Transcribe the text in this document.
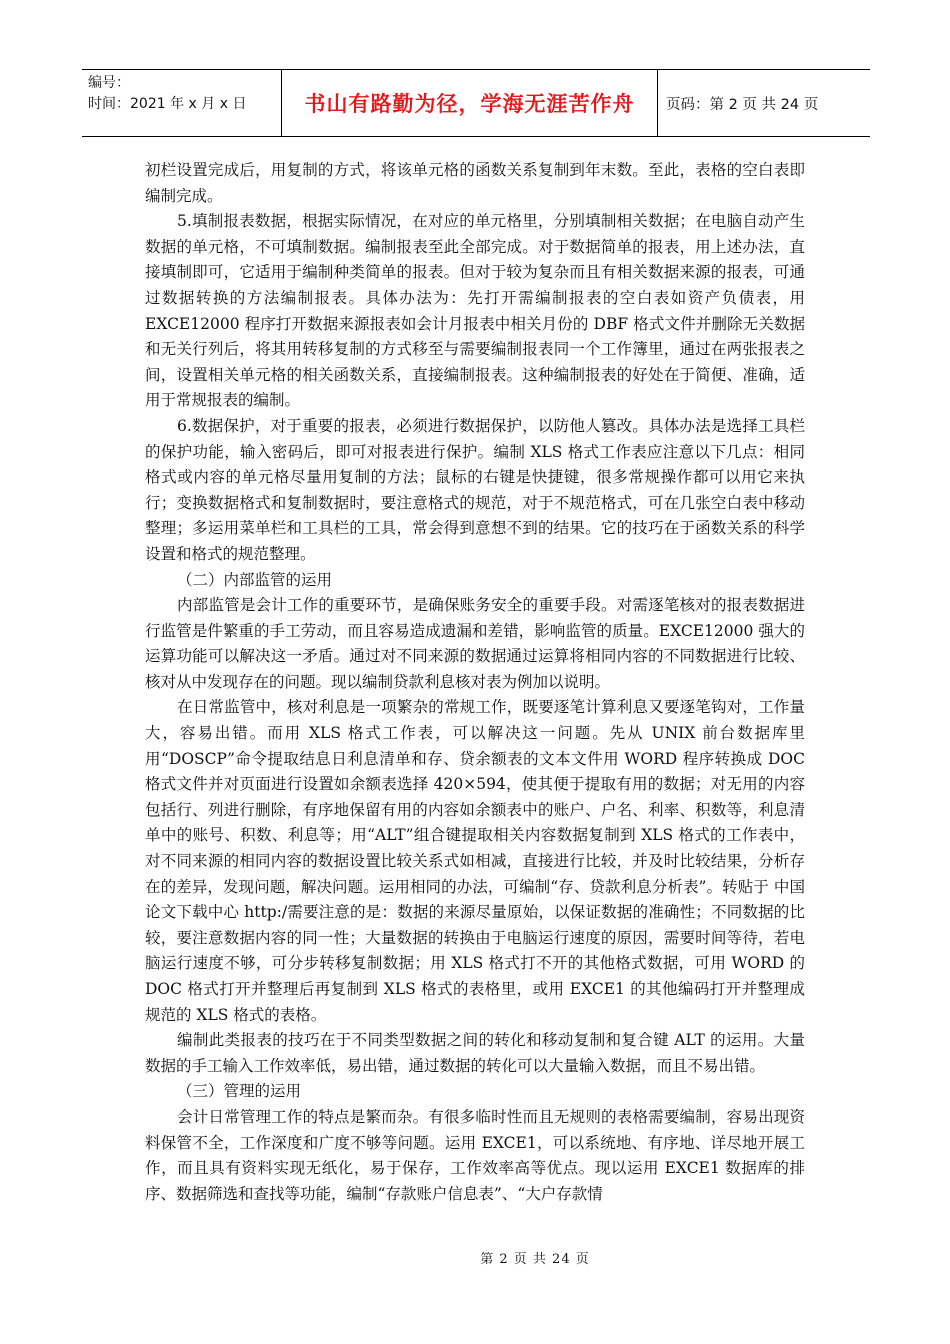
编号：
时间：2021 年 x 月 x 日	书山有路勤为径，学海无涯苦作舟	页码：第 2 页 共 24 页

初栏设置完成后，用复制的方式，将该单元格的函数关系复制到年末数。至此，表格的空白表即编制完成。

5.填制报表数据，根据实际情况，在对应的单元格里，分别填制相关数据；在电脑自动产生数据的单元格，不可填制数据。编制报表至此全部完成。对于数据简单的报表，用上述办法，直接填制即可，它适用于编制种类简单的报表。但对于较为复杂而且有相关数据来源的报表，可通过数据转换的方法编制报表。具体办法为：先打开需编制报表的空白表如资产负债表，用 EXCE12000 程序打开数据来源报表如会计月报表中相关月份的 DBF 格式文件并删除无关数据和无关行列后，将其用转移复制的方式移至与需要编制报表同一个工作簿里，通过在两张报表之间，设置相关单元格的相关函数关系，直接编制报表。这种编制报表的好处在于简便、准确，适用于常规报表的编制。

6.数据保护，对于重要的报表，必须进行数据保护，以防他人篡改。具体办法是选择工具栏的保护功能，输入密码后，即可对报表进行保护。编制 XLS 格式工作表应注意以下几点：相同格式或内容的单元格尽量用复制的方法；鼠标的右键是快捷键，很多常规操作都可以用它来执行；变换数据格式和复制数据时，要注意格式的规范，对于不规范格式，可在几张空白表中移动整理；多运用菜单栏和工具栏的工具，常会得到意想不到的结果。它的技巧在于函数关系的科学设置和格式的规范整理。

（二）内部监管的运用

内部监管是会计工作的重要环节，是确保账务安全的重要手段。对需逐笔核对的报表数据进行监管是件繁重的手工劳动，而且容易造成遗漏和差错，影响监管的质量。EXCE12000 强大的运算功能可以解决这一矛盾。通过对不同来源的数据通过运算将相同内容的不同数据进行比较、核对从中发现存在的问题。现以编制贷款利息核对表为例加以说明。

在日常监管中，核对利息是一项繁杂的常规工作，既要逐笔计算利息又要逐笔钩对，工作量大，容易出错。而用 XLS 格式工作表，可以解决这一问题。先从 UNIX 前台数据库里用“DOSCP”命令提取结息日利息清单和存、贷余额表的文本文件用 WORD 程序转换成 DOC 格式文件并对页面进行设置如余额表选择 420×594，使其便于提取有用的数据；对无用的内容包括行、列进行删除，有序地保留有用的内容如余额表中的账户、户名、利率、积数等，利息清单中的账号、积数、利息等；用“ALT”组合键提取相关内容数据复制到 XLS 格式的工作表中，对不同来源的相同内容的数据设置比较关系式如相减，直接进行比较，并及时比较结果，分析存在的差异，发现问题，解决问题。运用相同的办法，可编制“存、贷款利息分析表”。转贴于 中国论文下载中心 http:/需要注意的是：数据的来源尽量原始，以保证数据的准确性；不同数据的比较，要注意数据内容的同一性；大量数据的转换由于电脑运行速度的原因，需要时间等待，若电脑运行速度不够，可分步转移复制数据；用 XLS 格式打不开的其他格式数据，可用 WORD 的 DOC 格式打开并整理后再复制到 XLS 格式的表格里，或用 EXCE1 的其他编码打开并整理成规范的 XLS 格式的表格。

编制此类报表的技巧在于不同类型数据之间的转化和移动复制和复合键 ALT 的运用。大量数据的手工输入工作效率低，易出错，通过数据的转化可以大量输入数据，而且不易出错。

（三）管理的运用

会计日常管理工作的特点是繁而杂。有很多临时性而且无规则的表格需要编制，容易出现资料保管不全，工作深度和广度不够等问题。运用 EXCE1，可以系统地、有序地、详尽地开展工作，而且具有资料实现无纸化，易于保存，工作效率高等优点。现以运用 EXCE1 数据库的排序、数据筛选和查找等功能，编制“存款账户信息表”、“大户存款情

第 2 页 共 24 页
